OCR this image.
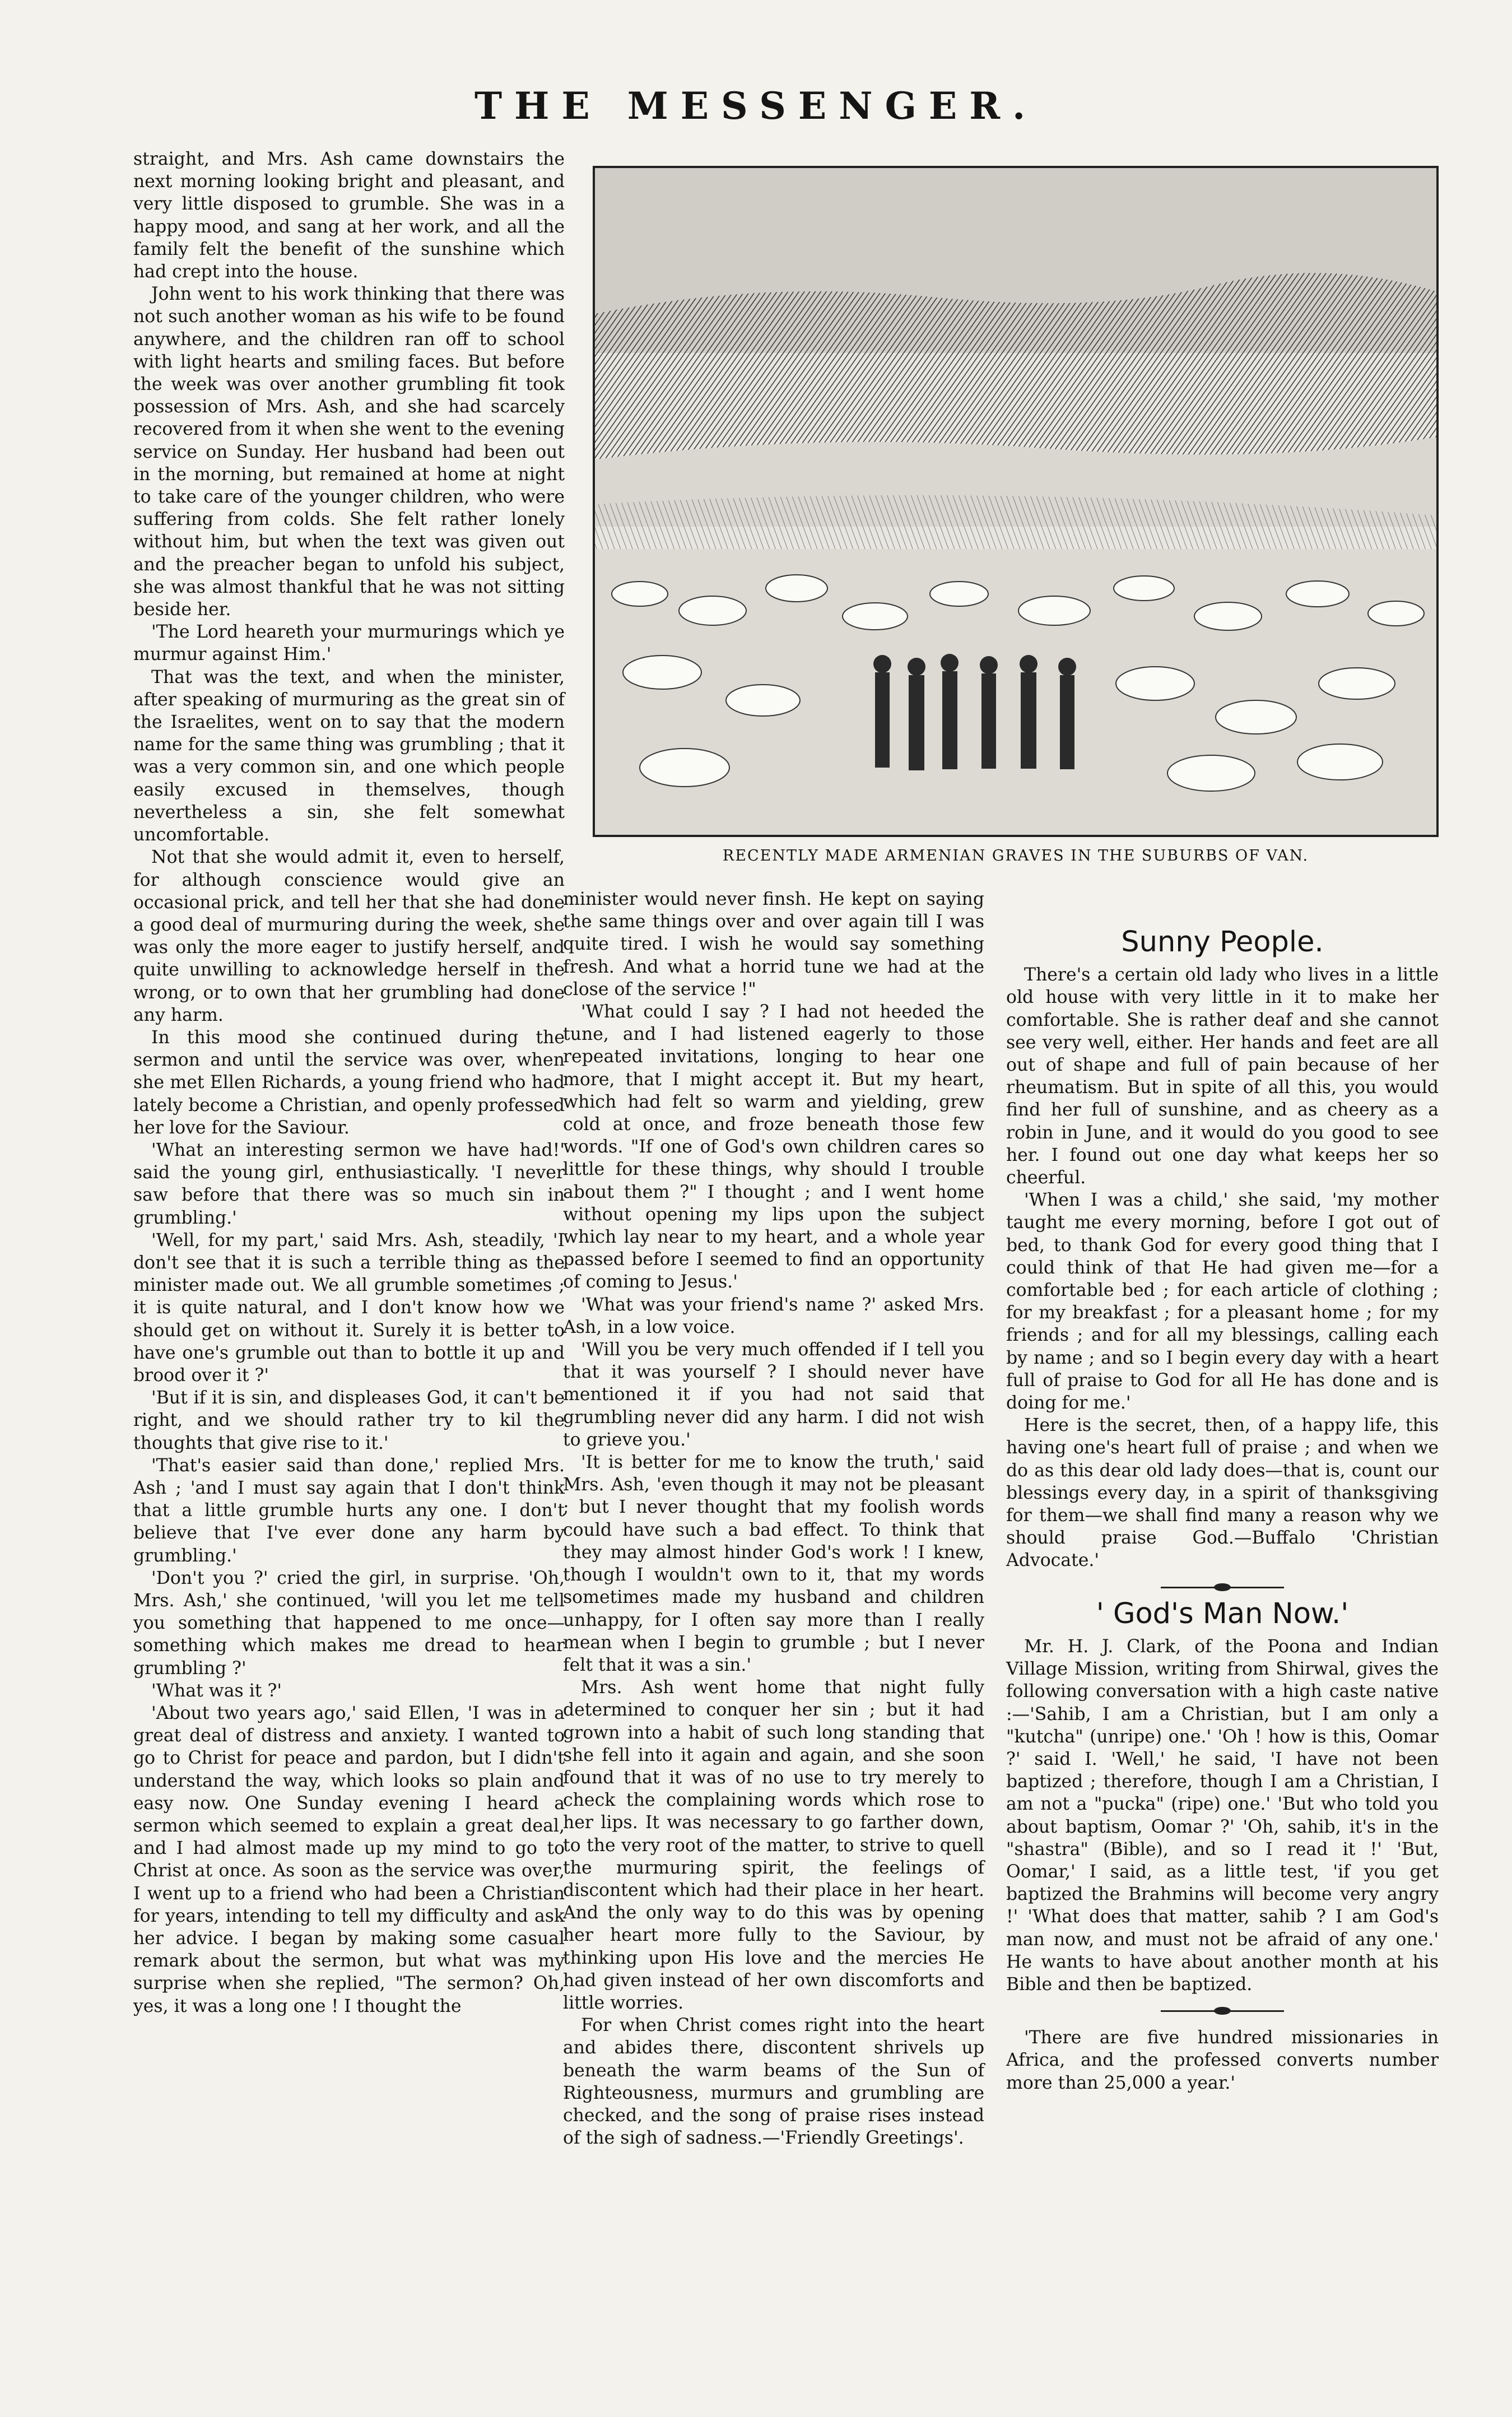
THE MESSENGER.

straight, and Mrs. Ash came downstairs the next morning looking bright and pleasant, and very little disposed to grumble. She was in a happy mood, and sang at her work, and all the family felt the benefit of the sunshine which had crept into the house.

John went to his work thinking that there was not such another woman as his wife to be found anywhere, and the children ran off to school with light hearts and smiling faces. But before the week was over another grumbling fit took possession of Mrs. Ash, and she had scarcely recovered from it when she went to the evening service on Sunday. Her husband had been out in the morning, but remained at home at night to take care of the younger children, who were suffering from colds. She felt rather lonely without him, but when the text was given out and the preacher began to unfold his subject, she was almost thankful that he was not sitting beside her.

'The Lord heareth your murmurings which ye murmur against Him.'

That was the text, and when the minister, after speaking of murmuring as the great sin of the Israelites, went on to say that the modern name for the same thing was grumbling ; that it was a very common sin, and one which people easily excused in themselves, though nevertheless a sin, she felt somewhat uncomfortable.

Not that she would admit it, even to herself, for although conscience would give an occasional prick, and tell her that she had done a good deal of murmuring during the week, she was only the more eager to justify herself, and quite unwilling to acknowledge herself in the wrong, or to own that her grumbling had done any harm.

In this mood she continued during the sermon and until the service was over, when she met Ellen Richards, a young friend who had lately become a Christian, and openly professed her love for the Saviour.

'What an interesting sermon we have had!' said the young girl, enthusiastically. 'I never saw before that there was so much sin in grumbling.'

'Well, for my part,' said Mrs. Ash, steadily, 'I don't see that it is such a terrible thing as the minister made out. We all grumble sometimes ; it is quite natural, and I don't know how we should get on without it. Surely it is better to have one's grumble out than to bottle it up and brood over it ?'

'But if it is sin, and displeases God, it can't be right, and we should rather try to kil the thoughts that give rise to it.'

'That's easier said than done,' replied Mrs. Ash ; 'and I must say again that I don't think that a little grumble hurts any one. I don't believe that I've ever done any harm by grumbling.'

'Don't you ?' cried the girl, in surprise. 'Oh, Mrs. Ash,' she continued, 'will you let me tell you something that happened to me once—something which makes me dread to hear grumbling ?'

'What was it ?'

'About two years ago,' said Ellen, 'I was in a great deal of distress and anxiety. I wanted to go to Christ for peace and pardon, but I didn't understand the way, which looks so plain and easy now. One Sunday evening I heard a sermon which seemed to explain a great deal, and I had almost made up my mind to go to Christ at once. As soon as the service was over, I went up to a friend who had been a Christian for years, intending to tell my difficulty and ask her advice. I began by making some casual remark about the sermon, but what was my surprise when she replied, "The sermon? Oh, yes, it was a long one ! I thought the

RECENTLY MADE ARMENIAN GRAVES IN THE SUBURBS OF VAN.

minister would never finsh. He kept on saying the same things over and over again till I was quite tired. I wish he would say something fresh. And what a horrid tune we had at the close of the service !"

'What could I say ? I had not heeded the tune, and I had listened eagerly to those repeated invitations, longing to hear one more, that I might accept it. But my heart, which had felt so warm and yielding, grew cold at once, and froze beneath those few words. "If one of God's own children cares so little for these things, why should I trouble about them ?" I thought ; and I went home without opening my lips upon the subject which lay near to my heart, and a whole year passed before I seemed to find an opportunity of coming to Jesus.'

'What was your friend's name ?' asked Mrs. Ash, in a low voice.

'Will you be very much offended if I tell you that it was yourself ? I should never have mentioned it if you had not said that grumbling never did any harm. I did not wish to grieve you.'

'It is better for me to know the truth,' said Mrs. Ash, 'even though it may not be pleasant ; but I never thought that my foolish words could have such a bad effect. To think that they may almost hinder God's work ! I knew, though I wouldn't own to it, that my words sometimes made my husband and children unhappy, for I often say more than I really mean when I begin to grumble ; but I never felt that it was a sin.'

Mrs. Ash went home that night fully determined to conquer her sin ; but it had grown into a habit of such long standing that she fell into it again and again, and she soon found that it was of no use to try merely to check the complaining words which rose to her lips. It was necessary to go farther down, to the very root of the matter, to strive to quell the murmuring spirit, the feelings of discontent which had their place in her heart. And the only way to do this was by opening her heart more fully to the Saviour, by thinking upon His love and the mercies He had given instead of her own discomforts and little worries.

For when Christ comes right into the heart and abides there, discontent shrivels up beneath the warm beams of the Sun of Righteousness, murmurs and grumbling are checked, and the song of praise rises instead of the sigh of sadness.—'Friendly Greetings'.

Sunny People.

There's a certain old lady who lives in a little old house with very little in it to make her comfortable. She is rather deaf and she cannot see very well, either. Her hands and feet are all out of shape and full of pain because of her rheumatism. But in spite of all this, you would find her full of sunshine, and as cheery as a robin in June, and it would do you good to see her. I found out one day what keeps her so cheerful.

'When I was a child,' she said, 'my mother taught me every morning, before I got out of bed, to thank God for every good thing that I could think of that He had given me—for a comfortable bed ; for each article of clothing ; for my breakfast ; for a pleasant home ; for my friends ; and for all my blessings, calling each by name ; and so I begin every day with a heart full of praise to God for all He has done and is doing for me.'

Here is the secret, then, of a happy life, this having one's heart full of praise ; and when we do as this dear old lady does—that is, count our blessings every day, in a spirit of thanksgiving for them—we shall find many a reason why we should praise God.—Buffalo 'Christian Advocate.'

' God's Man Now.'

Mr. H. J. Clark, of the Poona and Indian Village Mission, writing from Shirwal, gives the following conversation with a high caste native :—'Sahib, I am a Christian, but I am only a "kutcha" (unripe) one.' 'Oh ! how is this, Oomar ?' said I. 'Well,' he said, 'I have not been baptized ; therefore, though I am a Christian, I am not a "pucka" (ripe) one.' 'But who told you about baptism, Oomar ?' 'Oh, sahib, it's in the "shastra" (Bible), and so I read it !' 'But, Oomar,' I said, as a little test, 'if you get baptized the Brahmins will become very angry !' 'What does that matter, sahib ? I am God's man now, and must not be afraid of any one.' He wants to have about another month at his Bible and then be baptized.

'There are five hundred missionaries in Africa, and the professed converts number more than 25,000 a year.'
